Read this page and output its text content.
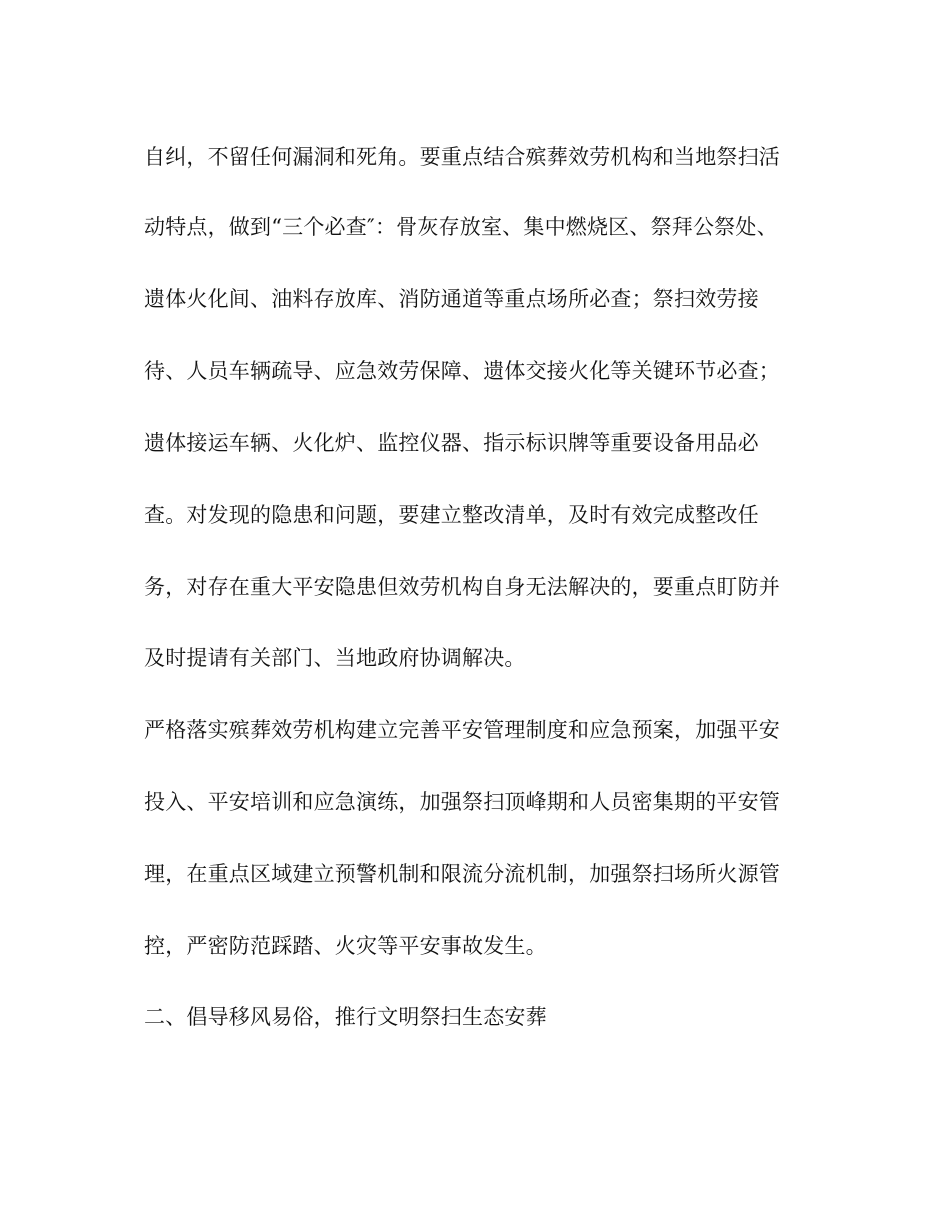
自纠，不留任何漏洞和死角。要重点结合殡葬效劳机构和当地祭扫活
动特点，做到“三个必查″：骨灰存放室、集中燃烧区、祭拜公祭处、
遗体火化间、油料存放库、消防通道等重点场所必查；祭扫效劳接
待、人员车辆疏导、应急效劳保障、遗体交接火化等关键环节必查；
遗体接运车辆、火化炉、监控仪器、指示标识牌等重要设备用品必
查。对发现的隐患和问题，要建立整改清单，及时有效完成整改任
务，对存在重大平安隐患但效劳机构自身无法解决的，要重点盯防并
及时提请有关部门、当地政府协调解决。
严格落实殡葬效劳机构建立完善平安管理制度和应急预案，加强平安
投入、平安培训和应急演练，加强祭扫顶峰期和人员密集期的平安管
理，在重点区域建立预警机制和限流分流机制，加强祭扫场所火源管
控，严密防范踩踏、火灾等平安事故发生。
二、倡导移风易俗，推行文明祭扫生态安葬
